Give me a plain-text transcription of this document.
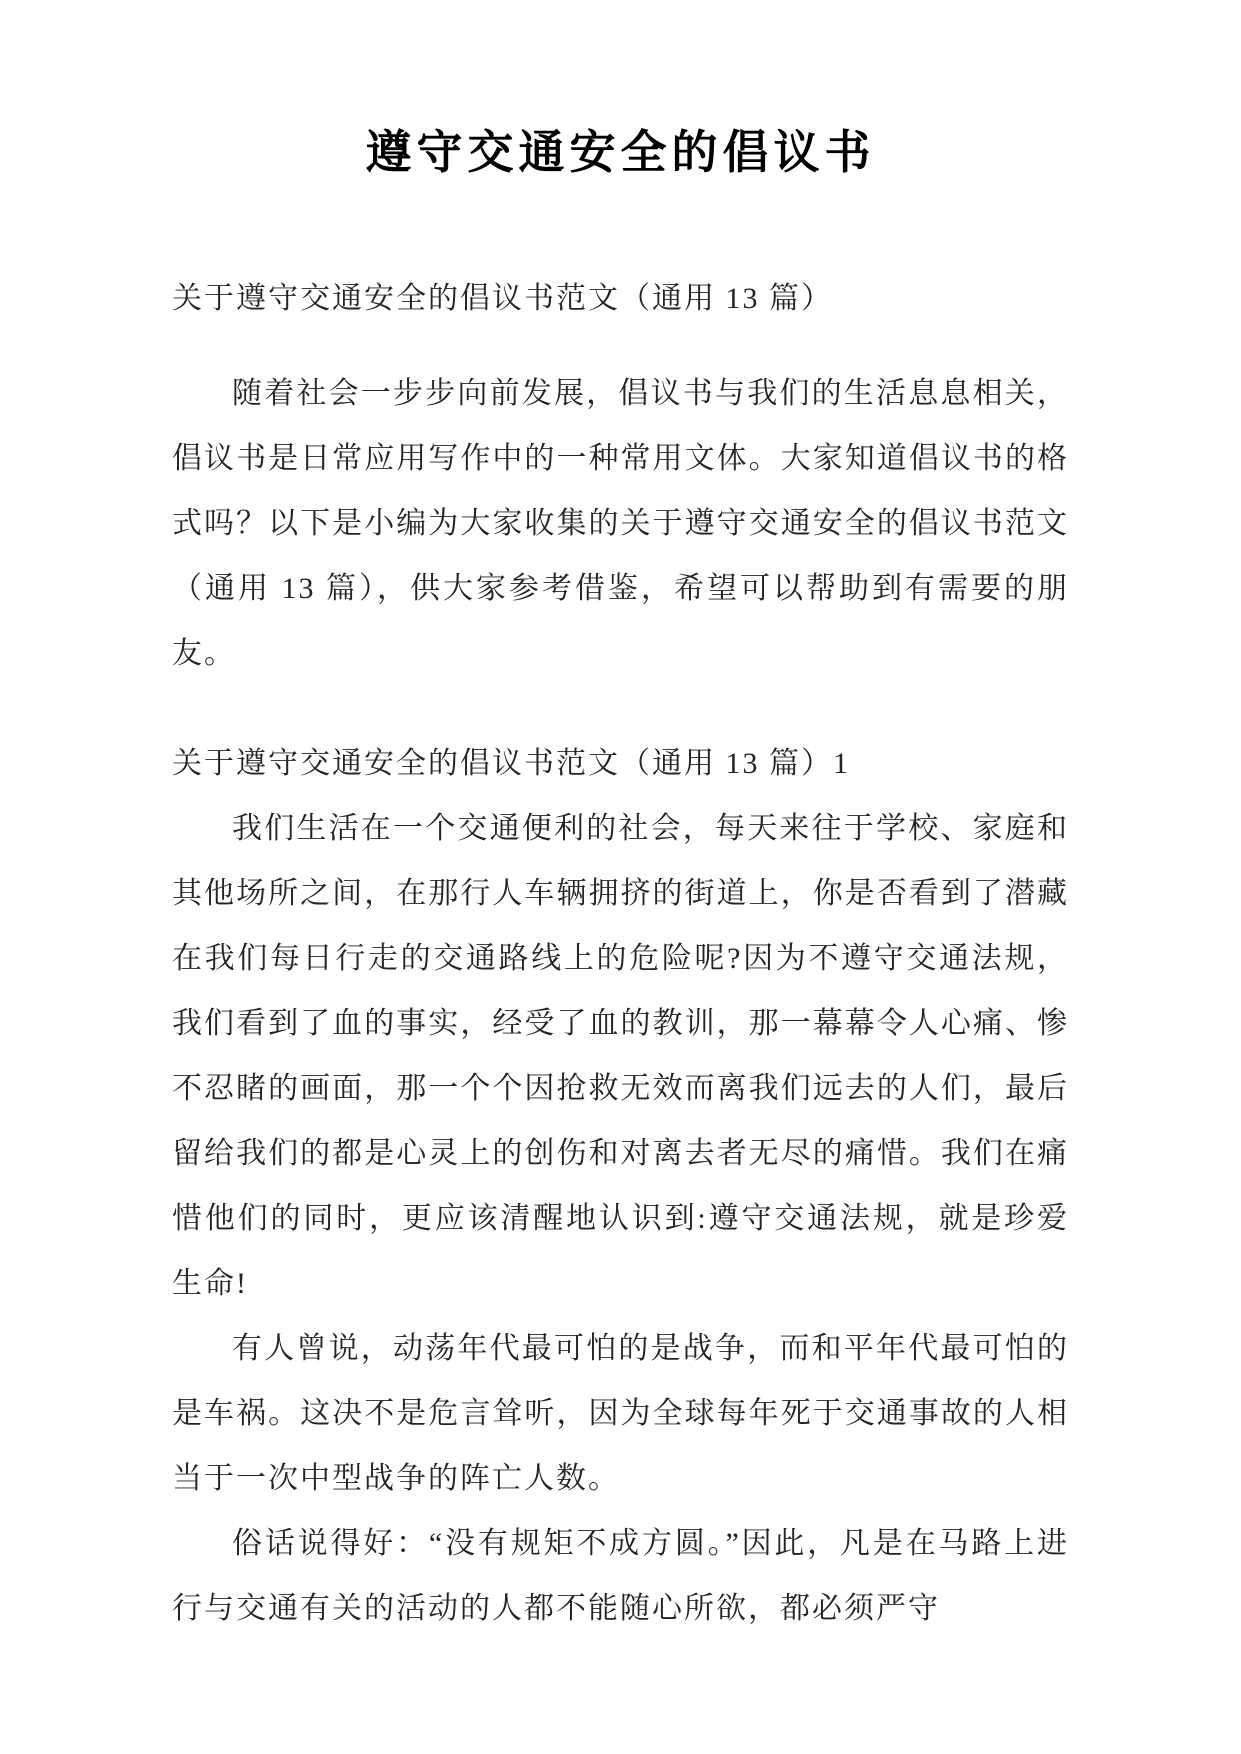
遵守交通安全的倡议书

关于遵守交通安全的倡议书范文（通用 13 篇）

随着社会一步步向前发展，倡议书与我们的生活息息相关，倡议书是日常应用写作中的一种常用文体。大家知道倡议书的格式吗？以下是小编为大家收集的关于遵守交通安全的倡议书范文（通用 13 篇），供大家参考借鉴，希望可以帮助到有需要的朋友。

关于遵守交通安全的倡议书范文（通用 13 篇）1

我们生活在一个交通便利的社会，每天来往于学校、家庭和其他场所之间，在那行人车辆拥挤的街道上，你是否看到了潜藏在我们每日行走的交通路线上的危险呢?因为不遵守交通法规，我们看到了血的事实，经受了血的教训，那一幕幕令人心痛、惨不忍睹的画面，那一个个因抢救无效而离我们远去的人们，最后留给我们的都是心灵上的创伤和对离去者无尽的痛惜。我们在痛惜他们的同时，更应该清醒地认识到:遵守交通法规，就是珍爱生命!

有人曾说，动荡年代最可怕的是战争，而和平年代最可怕的是车祸。这决不是危言耸听，因为全球每年死于交通事故的人相当于一次中型战争的阵亡人数。

俗话说得好：“没有规矩不成方圆。”因此，凡是在马路上进行与交通有关的活动的人都不能随心所欲，都必须严守
